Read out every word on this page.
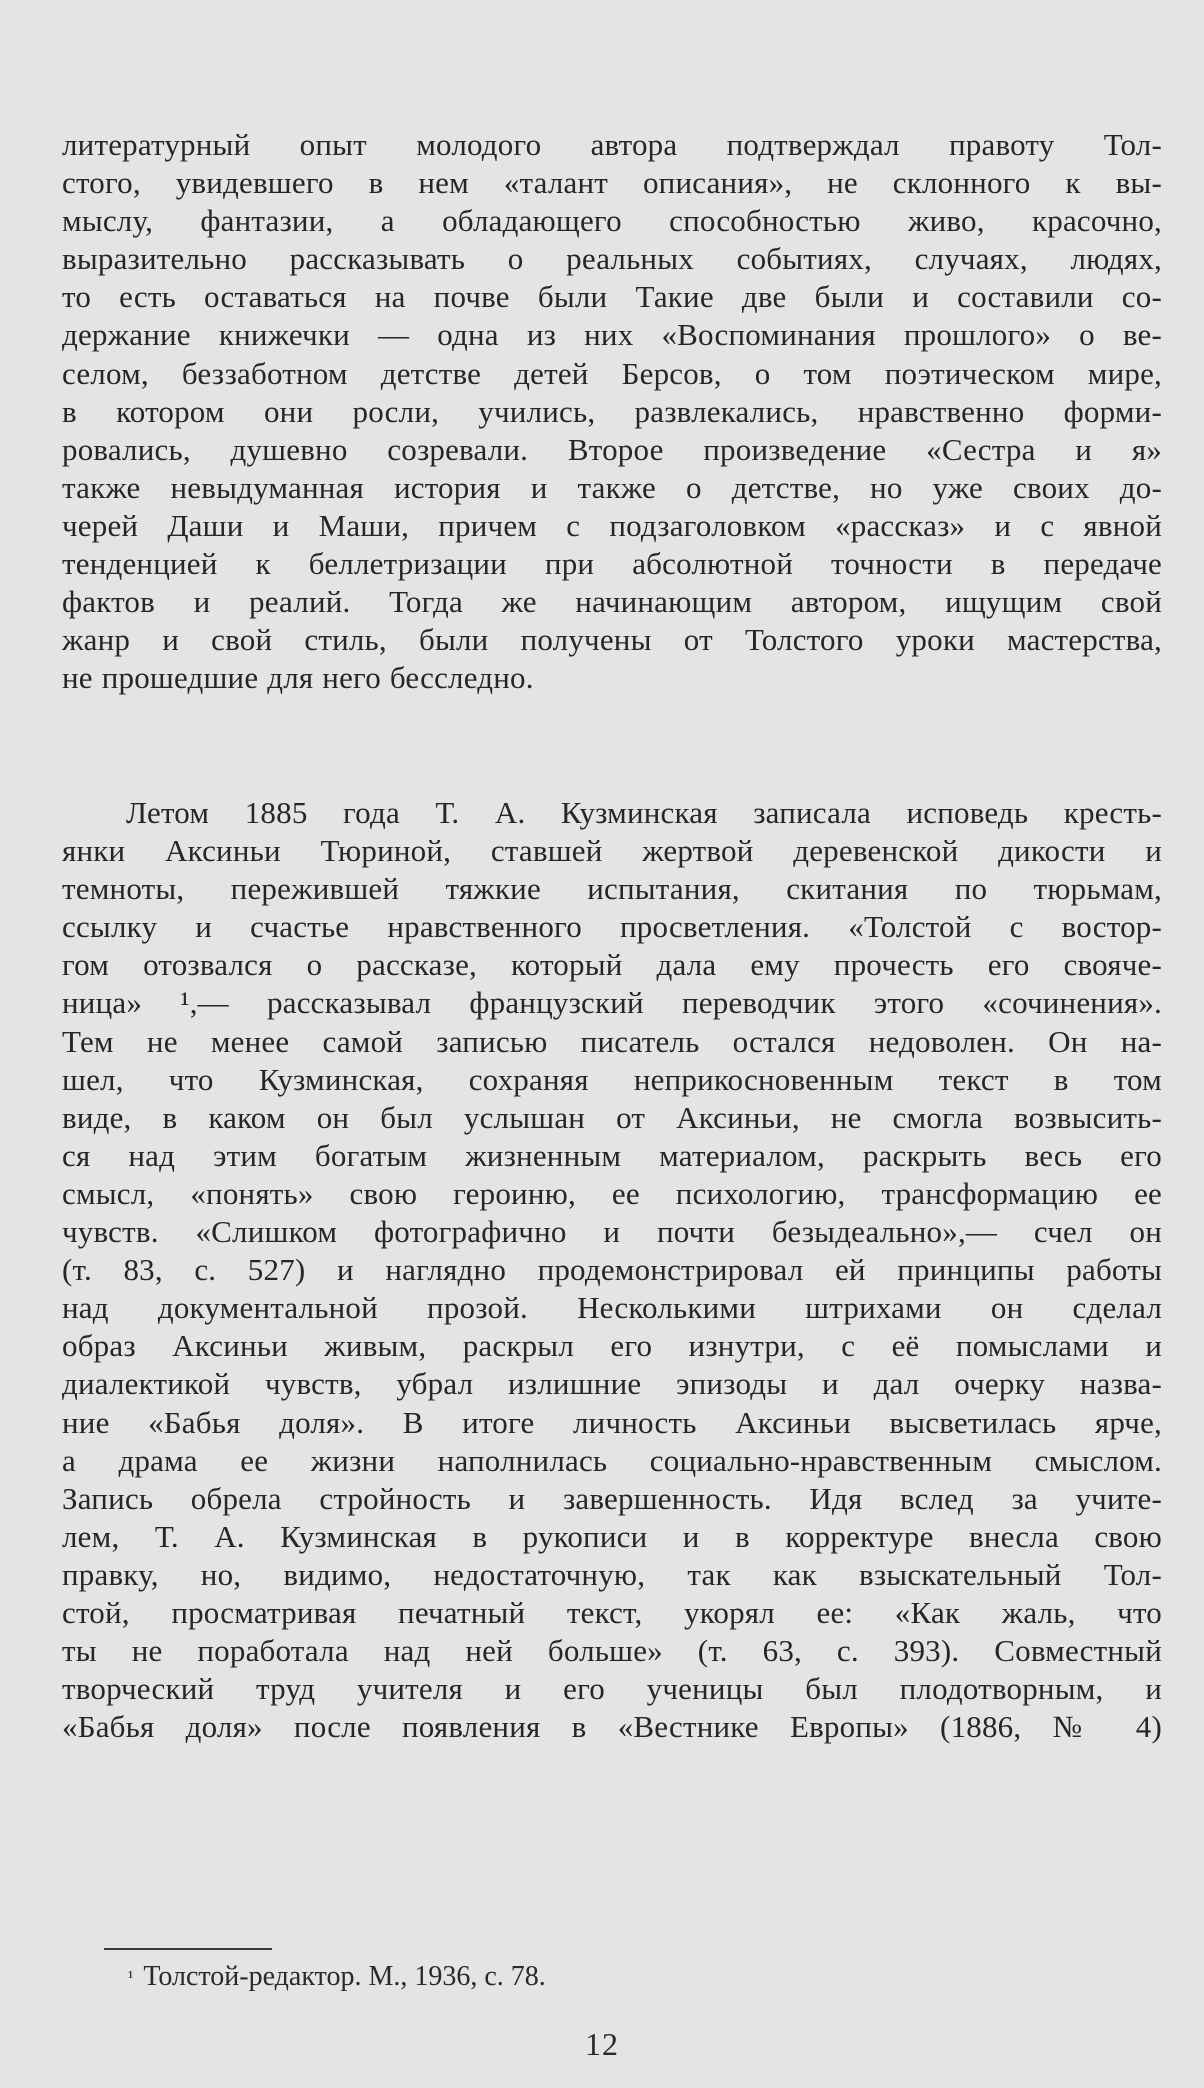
литературный опыт молодого автора подтверждал правоту Тол-
стого, увидевшего в нем «талант описания», не склонного к вы-
мыслу, фантазии, а обладающего способностью живо, красочно,
выразительно рассказывать о реальных событиях, случаях, людях,
то есть оставаться на почве были Такие две были и составили со-
держание книжечки — одна из них «Воспоминания прошлого» о ве-
селом, беззаботном детстве детей Берсов, о том поэтическом мире,
в котором они росли, учились, развлекались, нравственно форми-
ровались, душевно созревали. Второе произведение «Сестра и я»
также невыдуманная история и также о детстве, но уже своих до-
черей Даши и Маши, причем с подзаголовком «рассказ» и с явной
тенденцией к беллетризации при абсолютной точности в передаче
фактов и реалий. Тогда же начинающим автором, ищущим свой
жанр и свой стиль, были получены от Толстого уроки мастерства,
не прошедшие для него бесследно.
Летом 1885 года Т. А. Кузминская записала исповедь кресть-
янки Аксиньи Тюриной, ставшей жертвой деревенской дикости и
темноты, пережившей тяжкие испытания, скитания по тюрьмам,
ссылку и счастье нравственного просветления. «Толстой с востор-
гом отозвался о рассказе, который дала ему прочесть его свояче-
ница» ¹,— рассказывал французский переводчик этого «сочинения».
Тем не менее самой записью писатель остался недоволен. Он на-
шел, что Кузминская, сохраняя неприкосновенным текст в том
виде, в каком он был услышан от Аксиньи, не смогла возвысить-
ся над этим богатым жизненным материалом, раскрыть весь его
смысл, «понять» свою героиню, ее психологию, трансформацию ее
чувств. «Слишком фотографично и почти безыдеально»,— счел он
(т. 83, с. 527) и наглядно продемонстрировал ей принципы работы
над документальной прозой. Несколькими штрихами он сделал
образ Аксиньи живым, раскрыл его изнутри, с её помыслами и
диалектикой чувств, убрал излишние эпизоды и дал очерку назва-
ние «Бабья доля». В итоге личность Аксиньи высветилась ярче,
а драма ее жизни наполнилась социально-нравственным смыслом.
Запись обрела стройность и завершенность. Идя вслед за учите-
лем, Т. А. Кузминская в рукописи и в корректуре внесла свою
правку, но, видимо, недостаточную, так как взыскательный Тол-
стой, просматривая печатный текст, укорял ее: «Как жаль, что
ты не поработала над ней больше» (т. 63, с. 393). Совместный
творческий труд учителя и его ученицы был плодотворным, и
«Бабья доля» после появления в «Вестнике Европы» (1886, № 4)
$^{^1}$ Толстой-редактор. М., 1936, с. 78.
12
